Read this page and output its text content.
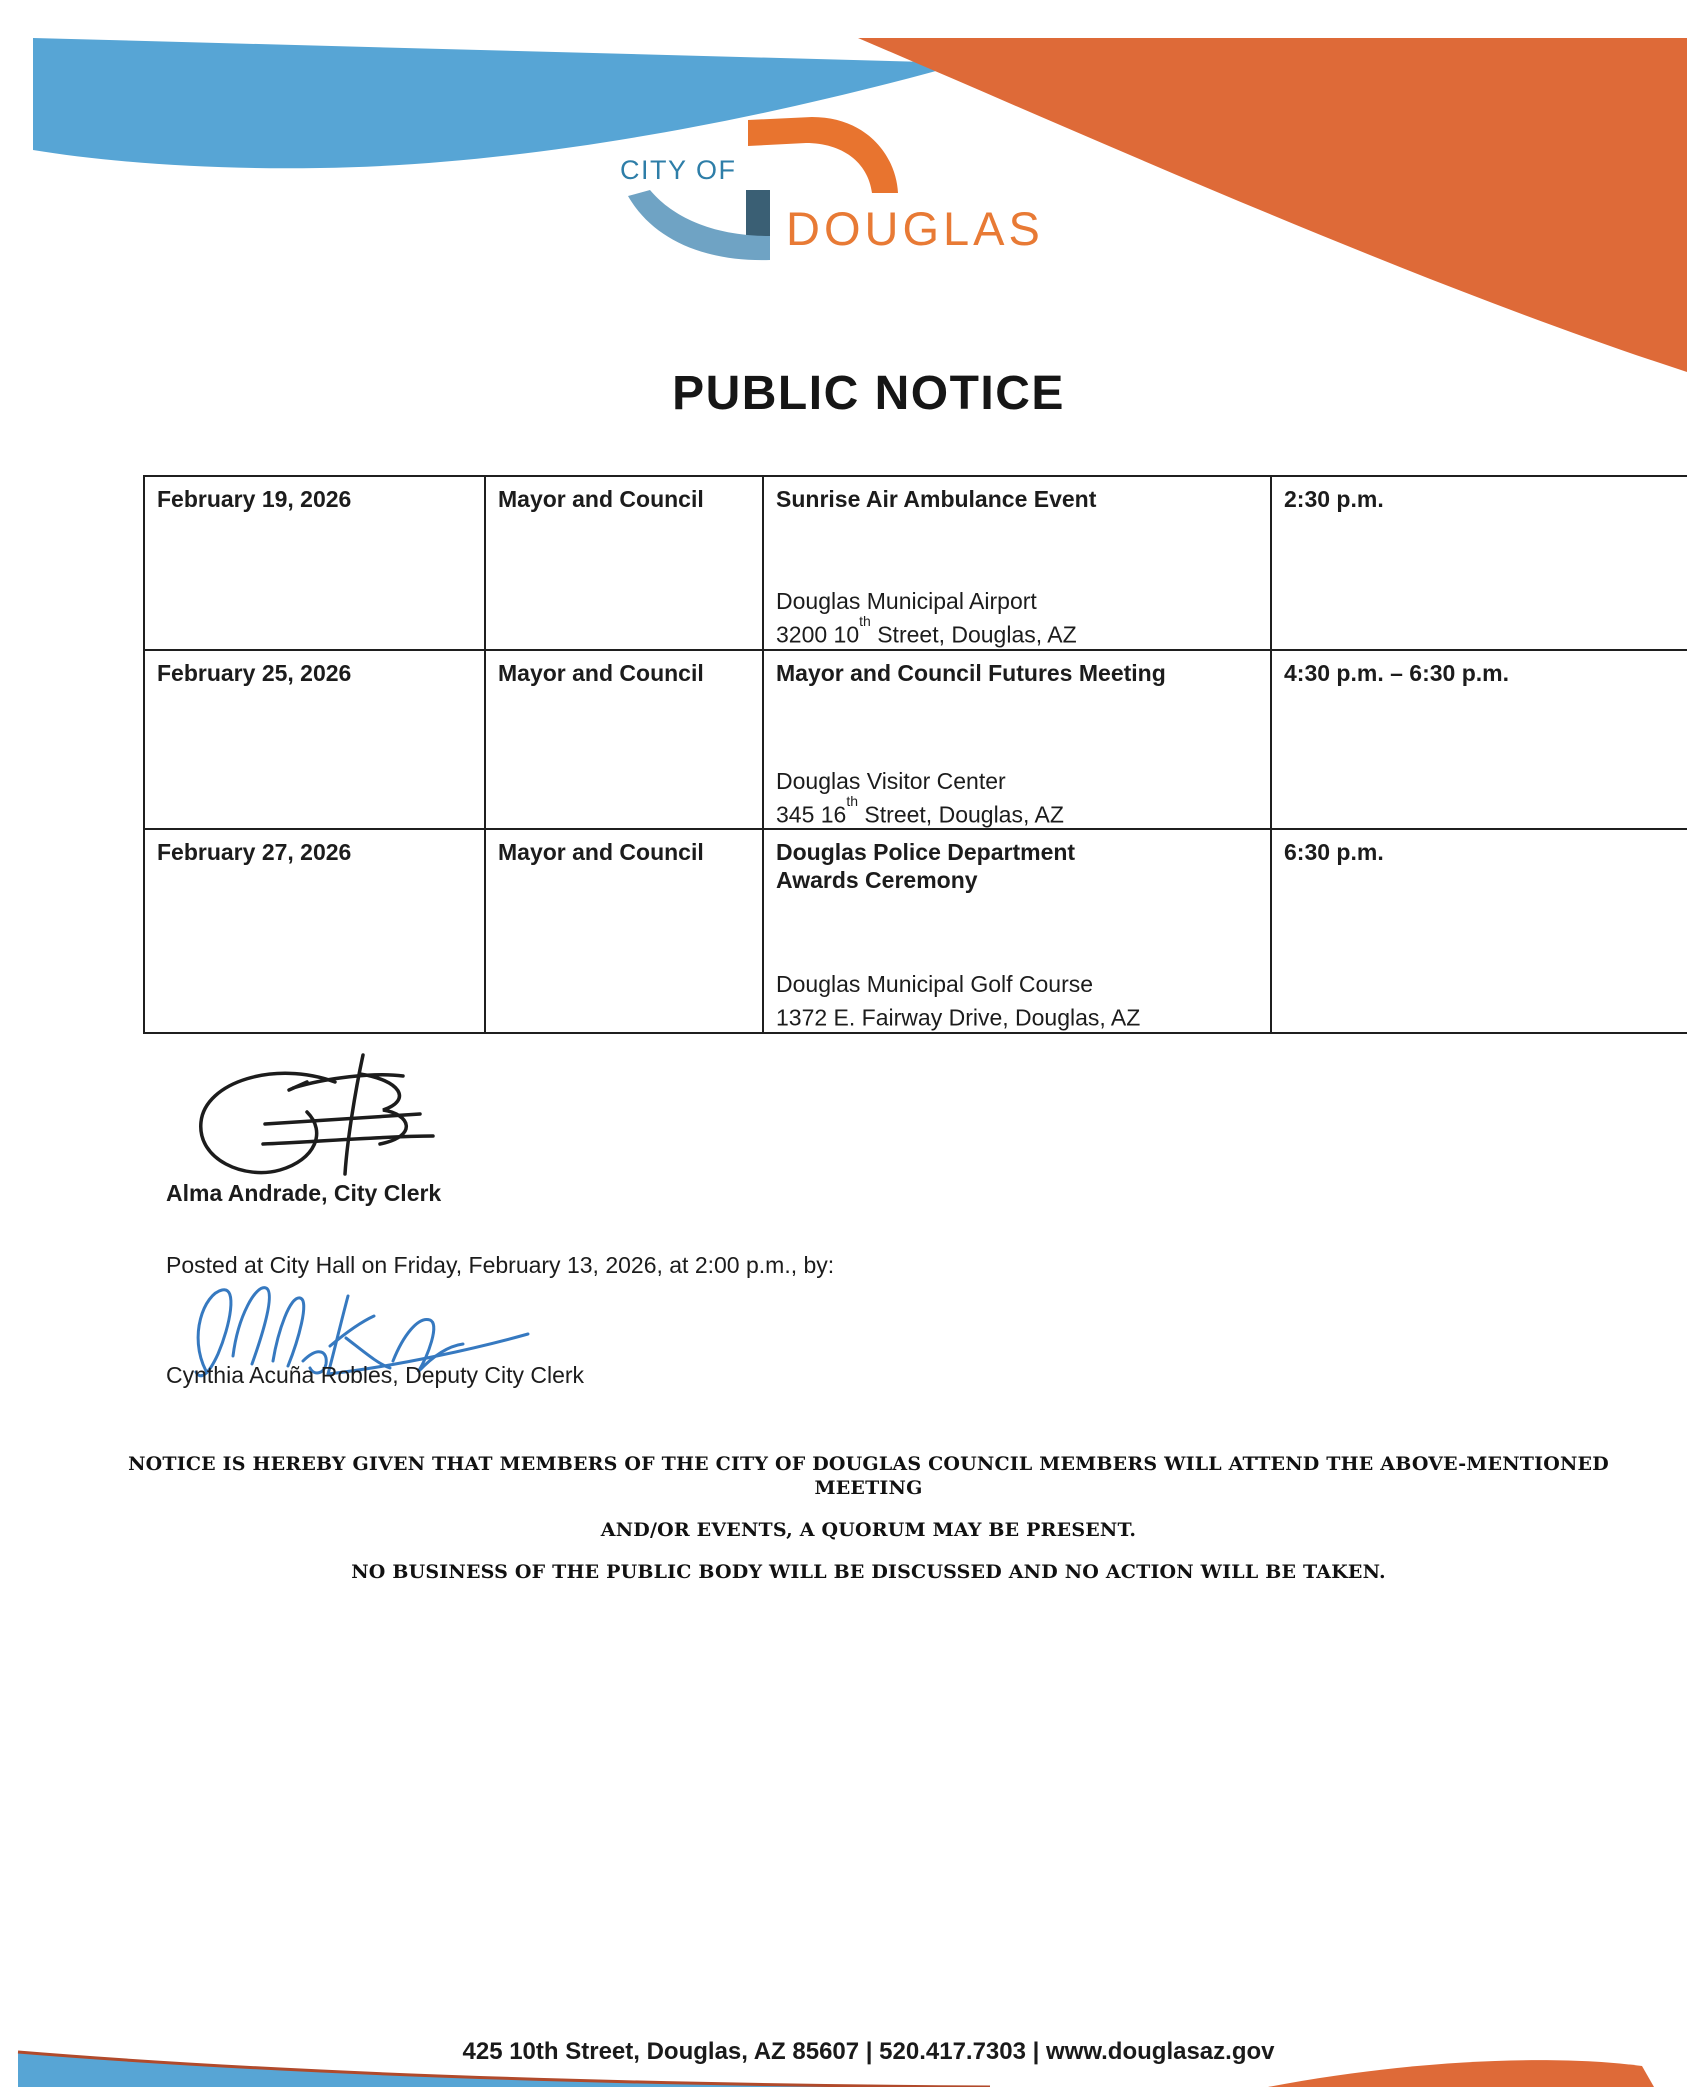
CITY OF
DOUGLAS
PUBLIC NOTICE
February 19, 2026	Mayor and Council	Sunrise Air Ambulance Event
Douglas Municipal Airport
3200 10th Street, Douglas, AZ	2:30 p.m.
February 25, 2026	Mayor and Council	Mayor and Council Futures Meeting
Douglas Visitor Center
345 16th Street, Douglas, AZ	4:30 p.m. – 6:30 p.m.
February 27, 2026	Mayor and Council	Douglas Police Department
Awards Ceremony
Douglas Municipal Golf Course
1372 E. Fairway Drive, Douglas, AZ	6:30 p.m.
Alma Andrade, City Clerk
Posted at City Hall on Friday, February 13, 2026, at 2:00 p.m., by:
Cynthia Acuña Robles, Deputy City Clerk
NOTICE IS HEREBY GIVEN THAT MEMBERS OF THE CITY OF DOUGLAS COUNCIL MEMBERS WILL ATTEND THE ABOVE-MENTIONED MEETING
AND/OR EVENTS, A QUORUM MAY BE PRESENT.
NO BUSINESS OF THE PUBLIC BODY WILL BE DISCUSSED AND NO ACTION WILL BE TAKEN.
425 10th Street, Douglas, AZ 85607 | 520.417.7303 | www.douglasaz.gov
